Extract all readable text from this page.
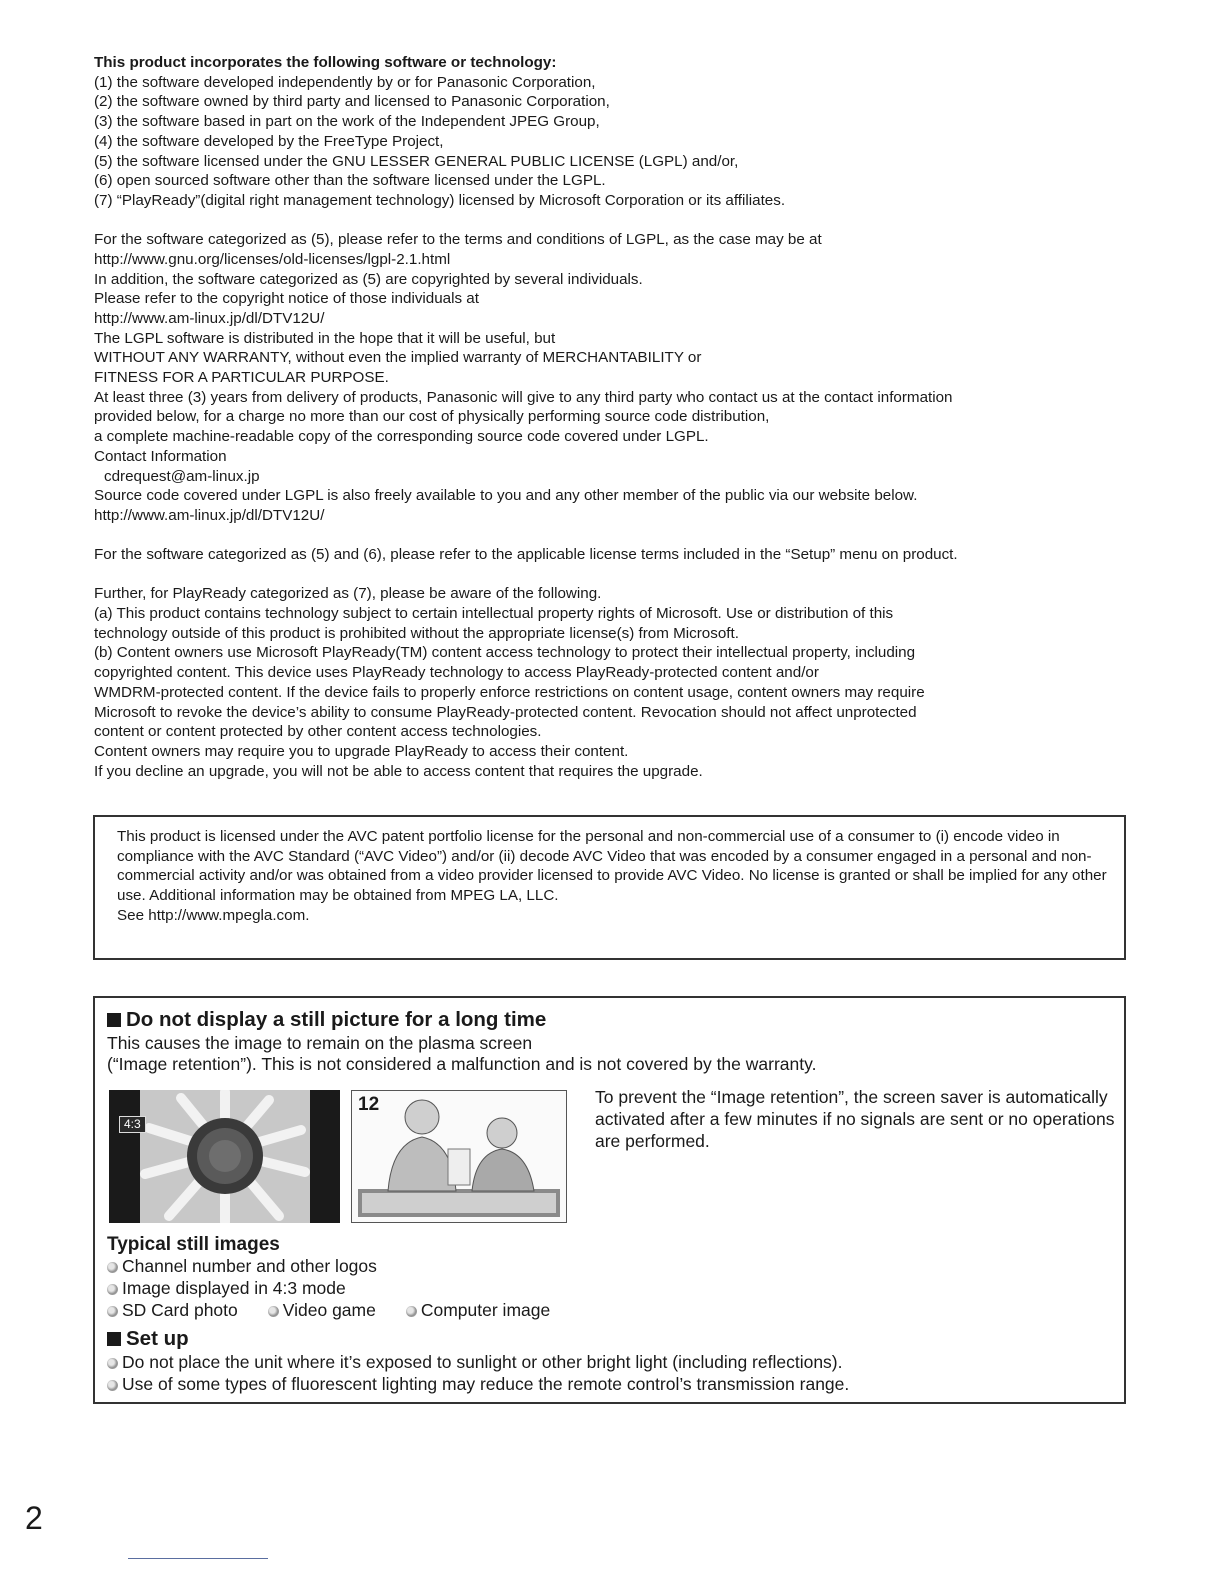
This product incorporates the following software or technology:

(1) the software developed independently by or for Panasonic Corporation,

(2) the software owned by third party and licensed to Panasonic Corporation,

(3) the software based in part on the work of the Independent JPEG Group,

(4) the software developed by the FreeType Project,

(5) the software licensed under the GNU LESSER GENERAL PUBLIC LICENSE (LGPL) and/or,

(6) open sourced software other than the software licensed under the LGPL.

(7) “PlayReady”(digital right management technology) licensed by Microsoft Corporation or its affiliates.

For the software categorized as (5), please refer to the terms and conditions of LGPL, as the case may be at

http://www.gnu.org/licenses/old-licenses/lgpl-2.1.html

In addition, the software categorized as (5) are copyrighted by several individuals.

Please refer to the copyright notice of those individuals at

http://www.am-linux.jp/dl/DTV12U/

The LGPL software is distributed in the hope that it will be useful, but

WITHOUT ANY WARRANTY, without even the implied warranty of MERCHANTABILITY or

FITNESS FOR A PARTICULAR PURPOSE.

At least three (3) years from delivery of products, Panasonic will give to any third party who contact us at the contact information

provided below, for a charge no more than our cost of physically performing source code distribution,

a complete machine-readable copy of the corresponding source code covered under LGPL.

Contact Information

cdrequest@am-linux.jp

Source code covered under LGPL is also freely available to you and any other member of the public via our website below.

http://www.am-linux.jp/dl/DTV12U/

For the software categorized as (5) and (6), please refer to the applicable license terms included in the “Setup” menu on product.

Further, for PlayReady categorized as (7), please be aware of the following.

(a) This product contains technology subject to certain intellectual property rights of Microsoft. Use or distribution of this

technology outside of this product is prohibited without the appropriate license(s) from Microsoft.

(b) Content owners use Microsoft PlayReady(TM) content access technology to protect their intellectual property, including

copyrighted content. This device uses PlayReady technology to access PlayReady-protected content and/or

WMDRM-protected content. If the device fails to properly enforce restrictions on content usage, content owners may require

Microsoft to revoke the device’s ability to consume PlayReady-protected content. Revocation should not affect unprotected

content or content protected by other content access technologies.

Content owners may require you to upgrade PlayReady to access their content.

If you decline an upgrade, you will not be able to access content that requires the upgrade.

This product is licensed under the AVC patent portfolio license for the personal and non-commercial use of a consumer to (i) encode video in compliance with the AVC Standard (“AVC Video”) and/or (ii) decode AVC Video that was encoded by a consumer engaged in a personal and non-commercial activity and/or was obtained from a video provider licensed to provide AVC Video. No license is granted or shall be implied for any other use. Additional information may be obtained from MPEG LA, LLC.

See http://www.mpegla.com.

Do not display a still picture for a long time
This causes the image to remain on the plasma screen
(“Image retention”). This is not considered a malfunction and is not covered by the warranty.
4:3
12	To prevent the “Image retention”, the screen saver is automatically activated after a few minutes if no signals are sent or no operations are performed.
Typical still images
Channel number and other logos
Image displayed in 4:3 mode
SD Card photo	Video game	Computer image
Set up
Do not place the unit where it’s exposed to sunlight or other bright light (including reflections).
Use of some types of fluorescent lighting may reduce the remote control’s transmission range.
2
